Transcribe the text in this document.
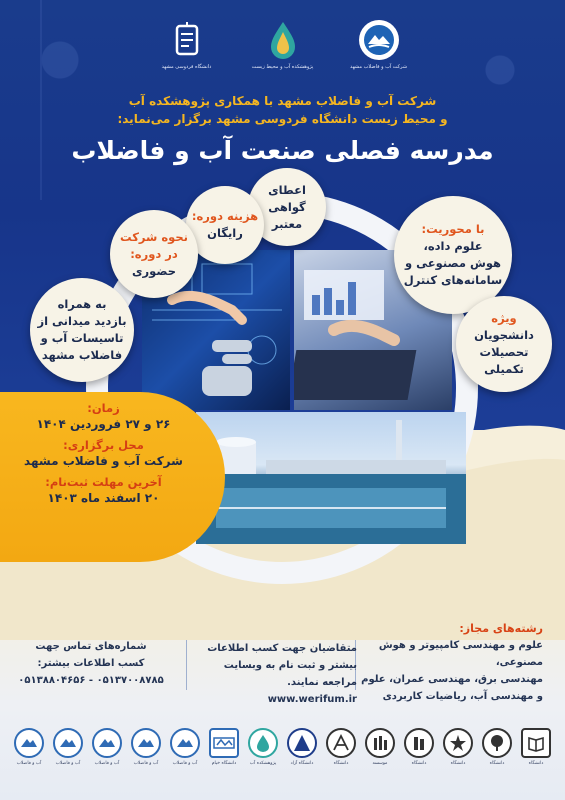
شرکت آب و فاضلاب مشهد
پژوهشکده آب و محیط زیست
دانشگاه فردوسی مشهد
شرکت آب و فاضلاب مشهد با همکاری پژوهشکده آب
و محیط زیست دانشگاه فردوسی مشهد برگزار می‌نماید:
مدرسه فصلی صنعت آب و فاضلاب
اعطای
گواهی
معتبر
هزینه دوره:
رایگان
نحوه شرکت
در دوره:
حضوری
به همراه
بازدید میدانی از
تاسیسات آب و
فاضلاب مشهد
با محوریت:
علوم داده،
هوش مصنوعی و
سامانه‌های کنترل
ویژه
دانشجویان
تحصیلات
تکمیلی
زمان:
۲۶ و ۲۷ فروردین ۱۴۰۴
محل برگزاری:
شرکت آب و فاضلاب مشهد
آخرین مهلت ثبت‌نام:
۲۰ اسفند ماه ۱۴۰۳
رشته‌های مجاز:
علوم و مهندسی کامپیوتر و هوش مصنوعی،
مهندسی برق، مهندسی عمران، علوم
و مهندسی آب، ریاضیات کاربردی
متقاضیان جهت کسب اطلاعات
بیشتر و ثبت نام به وبسایت
مراجعه نمایند. www.werifum.ir
شماره‌های تماس جهت
کسب اطلاعات بیشتر:
۰۵۱۳۷۰۰۸۷۸۵ - ۰۵۱۳۸۸۰۴۶۵۶
آب و فاضلاب	آب و فاضلاب	آب و فاضلاب	آب و فاضلاب	آب و فاضلاب	دانشگاه خیام	پژوهشکده آب	دانشگاه آزاد	دانشگاه	موسسه	دانشگاه	دانشگاه	دانشگاه	دانشگاه
